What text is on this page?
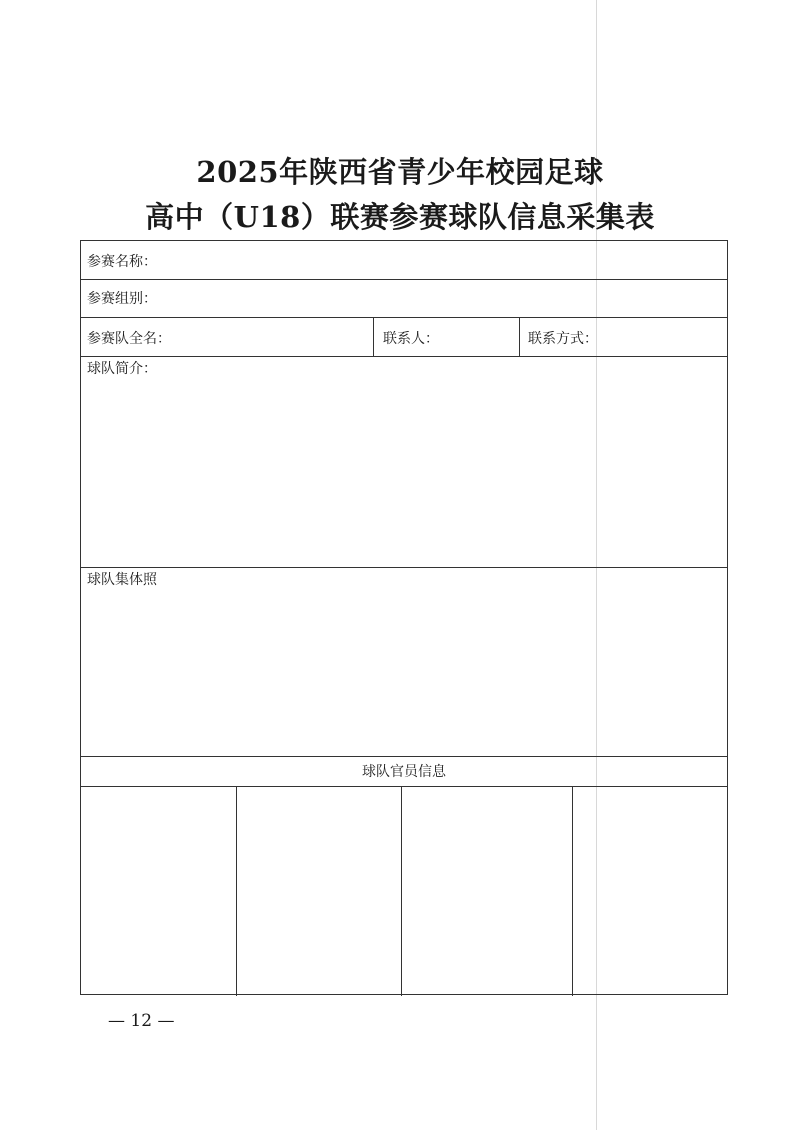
2025年陕西省青少年校园足球
高中（U18）联赛参赛球队信息采集表
参赛名称：
参赛组别：
参赛队全名：	联系人：	联系方式：
球队简介：
球队集体照
球队官员信息
— 12 —
